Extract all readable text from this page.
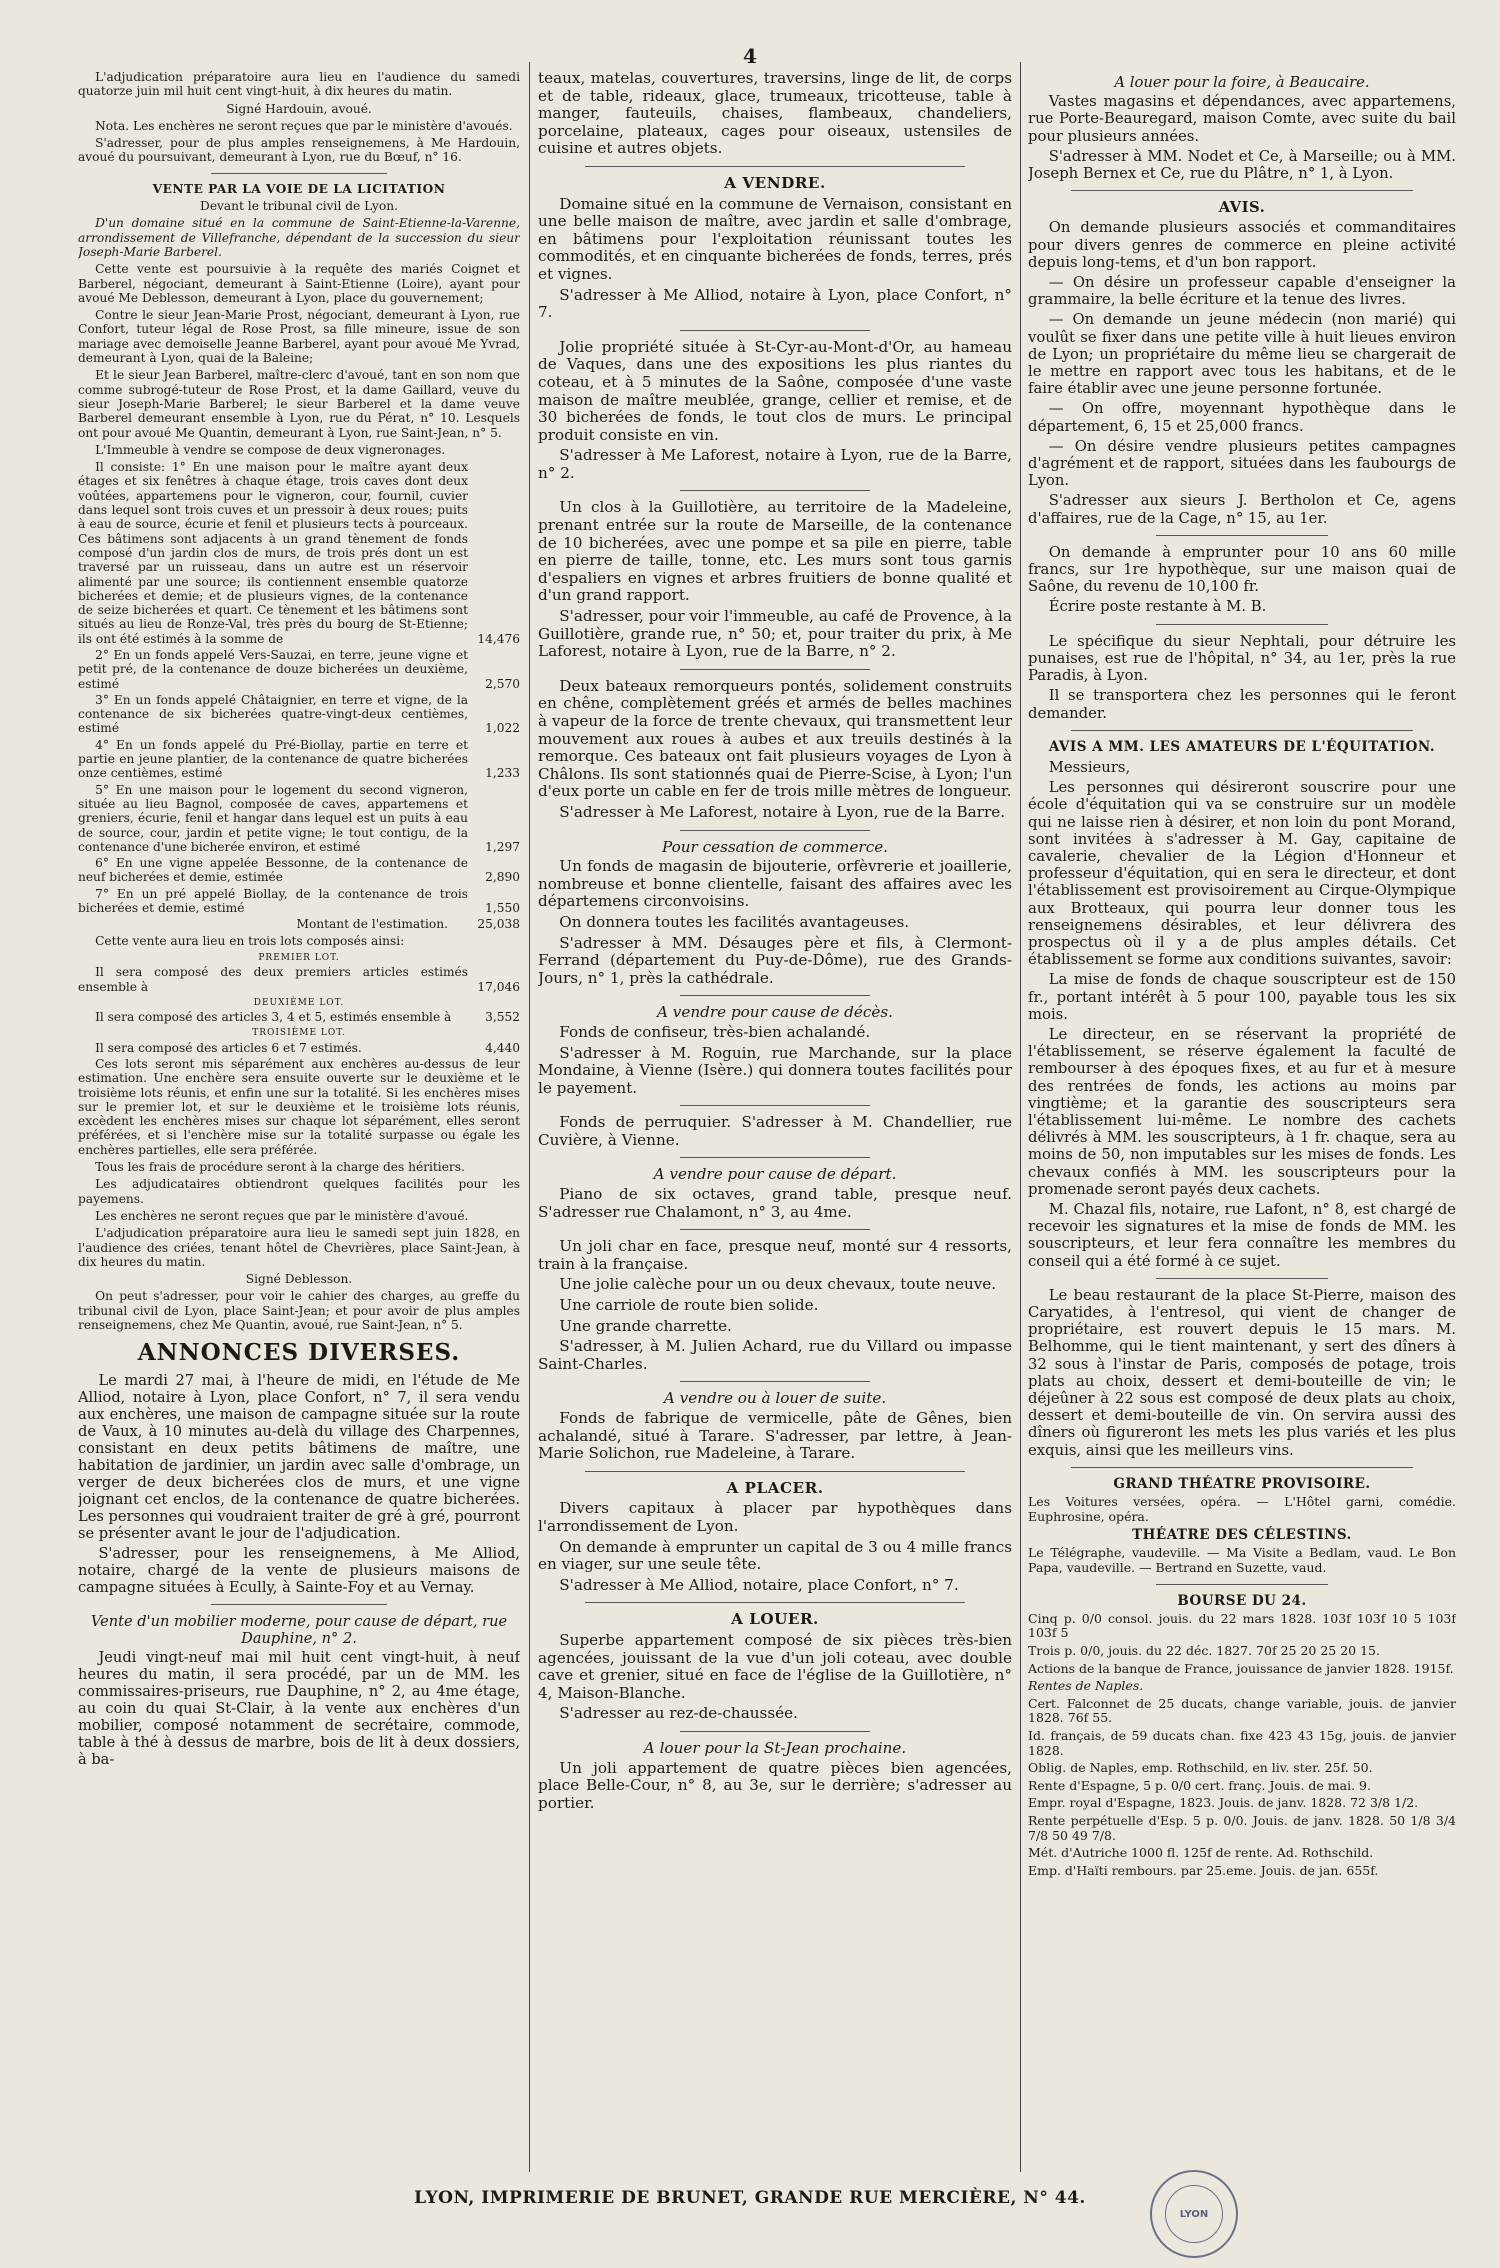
4

L'adjudication préparatoire aura lieu en l'audience du samedi quatorze juin mil huit cent vingt-huit, à dix heures du matin.

Signé Hardouin, avoué.

Nota. Les enchères ne seront reçues que par le ministère d'avoués.

S'adresser, pour de plus amples renseignemens, à Me Hardouin, avoué du poursuivant, demeurant à Lyon, rue du Bœuf, n° 16.

VENTE PAR LA VOIE DE LA LICITATION

Devant le tribunal civil de Lyon.

D'un domaine situé en la commune de Saint-Etienne-la-Varenne, arrondissement de Villefranche, dépendant de la succession du sieur Joseph-Marie Barberel.

Cette vente est poursuivie à la requête des mariés Coignet et Barberel, négociant, demeurant à Saint-Etienne (Loire), ayant pour avoué Me Deblesson, demeurant à Lyon, place du gouvernement;

Contre le sieur Jean-Marie Prost, négociant, demeurant à Lyon, rue Confort, tuteur légal de Rose Prost, sa fille mineure, issue de son mariage avec demoiselle Jeanne Barberel, ayant pour avoué Me Yvrad, demeurant à Lyon, quai de la Baleine;

Et le sieur Jean Barberel, maître-clerc d'avoué, tant en son nom que comme subrogé-tuteur de Rose Prost, et la dame Gaillard, veuve du sieur Joseph-Marie Barberel; le sieur Barberel et la dame veuve Barberel demeurant ensemble à Lyon, rue du Pérat, n° 10. Lesquels ont pour avoué Me Quantin, demeurant à Lyon, rue Saint-Jean, n° 5.

L'Immeuble à vendre se compose de deux vigneronages.

Il consiste: 1° En une maison pour le maître ayant deux étages et six fenêtres à chaque étage, trois caves dont deux voûtées, appartemens pour le vigneron, cour, fournil, cuvier dans lequel sont trois cuves et un pressoir à deux roues; puits à eau de source, écurie et fenil et plusieurs tects à pourceaux. Ces bâtimens sont adjacents à un grand tènement de fonds composé d'un jardin clos de murs, de trois prés dont un est traversé par un ruisseau, dans un autre est un réservoir alimenté par une source; ils contiennent ensemble quatorze bicherées et demie; et de plusieurs vignes, de la contenance de seize bicherées et quart. Ce tènement et les bâtimens sont situés au lieu de Ronze-Val, très près du bourg de St-Etienne; ils ont été estimés à la somme de	14,476
2° En un fonds appelé Vers-Sauzai, en terre, jeune vigne et petit pré, de la contenance de douze bicherées un deuxième, estimé	2,570
3° En un fonds appelé Châtaignier, en terre et vigne, de la contenance de six bicherées quatre-vingt-deux centièmes, estimé	1,022
4° En un fonds appelé du Pré-Biollay, partie en terre et partie en jeune plantier, de la contenance de quatre bicherées onze centièmes, estimé	1,233
5° En une maison pour le logement du second vigneron, située au lieu Bagnol, composée de caves, appartemens et greniers, écurie, fenil et hangar dans lequel est un puits à eau de source, cour, jardin et petite vigne; le tout contigu, de la contenance d'une bicherée environ, et estimé	1,297
6° En une vigne appelée Bessonne, de la contenance de neuf bicherées et demie, estimée	2,890
7° En un pré appelé Biollay, de la contenance de trois bicherées et demie, estimé	1,550
Montant de l'estimation.	25,038

Cette vente aura lieu en trois lots composés ainsi:

PREMIER LOT.

Il sera composé des deux premiers articles estimés ensemble à	17,046

DEUXIÈME LOT.

Il sera composé des articles 3, 4 et 5, estimés ensemble à	3,552

TROISIÈME LOT.

Il sera composé des articles 6 et 7 estimés.	4,440

Ces lots seront mis séparément aux enchères au-dessus de leur estimation. Une enchère sera ensuite ouverte sur le deuxième et le troisième lots réunis, et enfin une sur la totalité. Si les enchères mises sur le premier lot, et sur le deuxième et le troisième lots réunis, excèdent les enchères mises sur chaque lot séparément, elles seront préférées, et si l'enchère mise sur la totalité surpasse ou égale les enchères partielles, elle sera préférée.

Tous les frais de procédure seront à la charge des héritiers.

Les adjudicataires obtiendront quelques facilités pour les payemens.

Les enchères ne seront reçues que par le ministère d'avoué.

L'adjudication préparatoire aura lieu le samedi sept juin 1828, en l'audience des criées, tenant hôtel de Chevrières, place Saint-Jean, à dix heures du matin.

Signé Deblesson.

On peut s'adresser, pour voir le cahier des charges, au greffe du tribunal civil de Lyon, place Saint-Jean; et pour avoir de plus amples renseignemens, chez Me Quantin, avoué, rue Saint-Jean, n° 5.

ANNONCES DIVERSES.

Le mardi 27 mai, à l'heure de midi, en l'étude de Me Alliod, notaire à Lyon, place Confort, n° 7, il sera vendu aux enchères, une maison de campagne située sur la route de Vaux, à 10 minutes au-delà du village des Charpennes, consistant en deux petits bâtimens de maître, une habitation de jardinier, un jardin avec salle d'ombrage, un verger de deux bicherées clos de murs, et une vigne joignant cet enclos, de la contenance de quatre bicherées. Les personnes qui voudraient traiter de gré à gré, pourront se présenter avant le jour de l'adjudication.

S'adresser, pour les renseignemens, à Me Alliod, notaire, chargé de la vente de plusieurs maisons de campagne situées à Ecully, à Sainte-Foy et au Vernay.

Vente d'un mobilier moderne, pour cause de départ, rue Dauphine, n° 2.

Jeudi vingt-neuf mai mil huit cent vingt-huit, à neuf heures du matin, il sera procédé, par un de MM. les commissaires-priseurs, rue Dauphine, n° 2, au 4me étage, au coin du quai St-Clair, à la vente aux enchères d'un mobilier, composé notamment de secrétaire, commode, table à thé à dessus de marbre, bois de lit à deux dossiers, à ba-

teaux, matelas, couvertures, traversins, linge de lit, de corps et de table, rideaux, glace, trumeaux, tricotteuse, table à manger, fauteuils, chaises, flambeaux, chandeliers, porcelaine, plateaux, cages pour oiseaux, ustensiles de cuisine et autres objets.

A VENDRE.

Domaine situé en la commune de Vernaison, consistant en une belle maison de maître, avec jardin et salle d'ombrage, en bâtimens pour l'exploitation réunissant toutes les commodités, et en cinquante bicherées de fonds, terres, prés et vignes.

S'adresser à Me Alliod, notaire à Lyon, place Confort, n° 7.

Jolie propriété située à St-Cyr-au-Mont-d'Or, au hameau de Vaques, dans une des expositions les plus riantes du coteau, et à 5 minutes de la Saône, composée d'une vaste maison de maître meublée, grange, cellier et remise, et de 30 bicherées de fonds, le tout clos de murs. Le principal produit consiste en vin.

S'adresser à Me Laforest, notaire à Lyon, rue de la Barre, n° 2.

Un clos à la Guillotière, au territoire de la Madeleine, prenant entrée sur la route de Marseille, de la contenance de 10 bicherées, avec une pompe et sa pile en pierre, table en pierre de taille, tonne, etc. Les murs sont tous garnis d'espaliers en vignes et arbres fruitiers de bonne qualité et d'un grand rapport.

S'adresser, pour voir l'immeuble, au café de Provence, à la Guillotière, grande rue, n° 50; et, pour traiter du prix, à Me Laforest, notaire à Lyon, rue de la Barre, n° 2.

Deux bateaux remorqueurs pontés, solidement construits en chêne, complètement gréés et armés de belles machines à vapeur de la force de trente chevaux, qui transmettent leur mouvement aux roues à aubes et aux treuils destinés à la remorque. Ces bateaux ont fait plusieurs voyages de Lyon à Châlons. Ils sont stationnés quai de Pierre-Scise, à Lyon; l'un d'eux porte un cable en fer de trois mille mètres de longueur.

S'adresser à Me Laforest, notaire à Lyon, rue de la Barre.

Pour cessation de commerce.

Un fonds de magasin de bijouterie, orfèvrerie et joaillerie, nombreuse et bonne clientelle, faisant des affaires avec les départemens circonvoisins.

On donnera toutes les facilités avantageuses.

S'adresser à MM. Désauges père et fils, à Clermont-Ferrand (département du Puy-de-Dôme), rue des Grands-Jours, n° 1, près la cathédrale.

A vendre pour cause de décès.

Fonds de confiseur, très-bien achalandé.

S'adresser à M. Roguin, rue Marchande, sur la place Mondaine, à Vienne (Isère.) qui donnera toutes facilités pour le payement.

Fonds de perruquier. S'adresser à M. Chandellier, rue Cuvière, à Vienne.

A vendre pour cause de départ.

Piano de six octaves, grand table, presque neuf. S'adresser rue Chalamont, n° 3, au 4me.

Un joli char en face, presque neuf, monté sur 4 ressorts, train à la française.

Une jolie calèche pour un ou deux chevaux, toute neuve.

Une carriole de route bien solide.

Une grande charrette.

S'adresser, à M. Julien Achard, rue du Villard ou impasse Saint-Charles.

A vendre ou à louer de suite.

Fonds de fabrique de vermicelle, pâte de Gênes, bien achalandé, situé à Tarare. S'adresser, par lettre, à Jean-Marie Solichon, rue Madeleine, à Tarare.

A PLACER.

Divers capitaux à placer par hypothèques dans l'arrondissement de Lyon.

On demande à emprunter un capital de 3 ou 4 mille francs en viager, sur une seule tête.

S'adresser à Me Alliod, notaire, place Confort, n° 7.

A LOUER.

Superbe appartement composé de six pièces très-bien agencées, jouissant de la vue d'un joli coteau, avec double cave et grenier, situé en face de l'église de la Guillotière, n° 4, Maison-Blanche.

S'adresser au rez-de-chaussée.

A louer pour la St-Jean prochaine.

Un joli appartement de quatre pièces bien agencées, place Belle-Cour, n° 8, au 3e, sur le derrière; s'adresser au portier.

A louer pour la foire, à Beaucaire.

Vastes magasins et dépendances, avec appartemens, rue Porte-Beauregard, maison Comte, avec suite du bail pour plusieurs années.

S'adresser à MM. Nodet et Ce, à Marseille; ou à MM. Joseph Bernex et Ce, rue du Plâtre, n° 1, à Lyon.

AVIS.

On demande plusieurs associés et commanditaires pour divers genres de commerce en pleine activité depuis long-tems, et d'un bon rapport.

— On désire un professeur capable d'enseigner la grammaire, la belle écriture et la tenue des livres.

— On demande un jeune médecin (non marié) qui voulût se fixer dans une petite ville à huit lieues environ de Lyon; un propriétaire du même lieu se chargerait de le mettre en rapport avec tous les habitans, et de le faire établir avec une jeune personne fortunée.

— On offre, moyennant hypothèque dans le département, 6, 15 et 25,000 francs.

— On désire vendre plusieurs petites campagnes d'agrément et de rapport, situées dans les faubourgs de Lyon.

S'adresser aux sieurs J. Bertholon et Ce, agens d'affaires, rue de la Cage, n° 15, au 1er.

On demande à emprunter pour 10 ans 60 mille francs, sur 1re hypothèque, sur une maison quai de Saône, du revenu de 10,100 fr.

Écrire poste restante à M. B.

Le spécifique du sieur Nephtali, pour détruire les punaises, est rue de l'hôpital, n° 34, au 1er, près la rue Paradis, à Lyon.

Il se transportera chez les personnes qui le feront demander.

AVIS A MM. LES AMATEURS DE L'ÉQUITATION.

Messieurs,

Les personnes qui désireront souscrire pour une école d'équitation qui va se construire sur un modèle qui ne laisse rien à désirer, et non loin du pont Morand, sont invitées à s'adresser à M. Gay, capitaine de cavalerie, chevalier de la Légion d'Honneur et professeur d'équitation, qui en sera le directeur, et dont l'établissement est provisoirement au Cirque-Olympique aux Brotteaux, qui pourra leur donner tous les renseignemens désirables, et leur délivrera des prospectus où il y a de plus amples détails. Cet établissement se forme aux conditions suivantes, savoir:

La mise de fonds de chaque souscripteur est de 150 fr., portant intérêt à 5 pour 100, payable tous les six mois.

Le directeur, en se réservant la propriété de l'établissement, se réserve également la faculté de rembourser à des époques fixes, et au fur et à mesure des rentrées de fonds, les actions au moins par vingtième; et la garantie des souscripteurs sera l'établissement lui-même. Le nombre des cachets délivrés à MM. les souscripteurs, à 1 fr. chaque, sera au moins de 50, non imputables sur les mises de fonds. Les chevaux confiés à MM. les souscripteurs pour la promenade seront payés deux cachets.

M. Chazal fils, notaire, rue Lafont, n° 8, est chargé de recevoir les signatures et la mise de fonds de MM. les souscripteurs, et leur fera connaître les membres du conseil qui a été formé à ce sujet.

Le beau restaurant de la place St-Pierre, maison des Caryatides, à l'entresol, qui vient de changer de propriétaire, est rouvert depuis le 15 mars. M. Belhomme, qui le tient maintenant, y sert des dîners à 32 sous à l'instar de Paris, composés de potage, trois plats au choix, dessert et demi-bouteille de vin; le déjeûner à 22 sous est composé de deux plats au choix, dessert et demi-bouteille de vin. On servira aussi des dîners où figureront les mets les plus variés et les plus exquis, ainsi que les meilleurs vins.

GRAND THÉATRE PROVISOIRE.

Les Voitures versées, opéra. — L'Hôtel garni, comédie. Euphrosine, opéra.

THÉATRE DES CÉLESTINS.

Le Télégraphe, vaudeville. — Ma Visite a Bedlam, vaud. Le Bon Papa, vaudeville. — Bertrand en Suzette, vaud.

BOURSE DU 24.

Cinq p. 0/0 consol. jouis. du 22 mars 1828. 103f 103f 10 5 103f 103f 5

Trois p. 0/0, jouis. du 22 déc. 1827. 70f 25 20 25 20 15.

Actions de la banque de France, jouissance de janvier 1828. 1915f.

Rentes de Naples.

Cert. Falconnet de 25 ducats, change variable, jouis. de janvier 1828. 76f 55.

Id. français, de 59 ducats chan. fixe 423 43 15g, jouis. de janvier 1828.

Oblig. de Naples, emp. Rothschild, en liv. ster. 25f. 50.

Rente d'Espagne, 5 p. 0/0 cert. franç. Jouis. de mai. 9.

Empr. royal d'Espagne, 1823. Jouis. de janv. 1828. 72 3/8 1/2.

Rente perpétuelle d'Esp. 5 p. 0/0. Jouis. de janv. 1828. 50 1/8 3/4 7/8 50 49 7/8.

Mét. d'Autriche 1000 fl. 125f de rente. Ad. Rothschild.

Emp. d'Haïti rembours. par 25.eme. Jouis. de jan. 655f.

LYON, IMPRIMERIE DE BRUNET, GRANDE RUE MERCIÈRE, N° 44.
LYON
